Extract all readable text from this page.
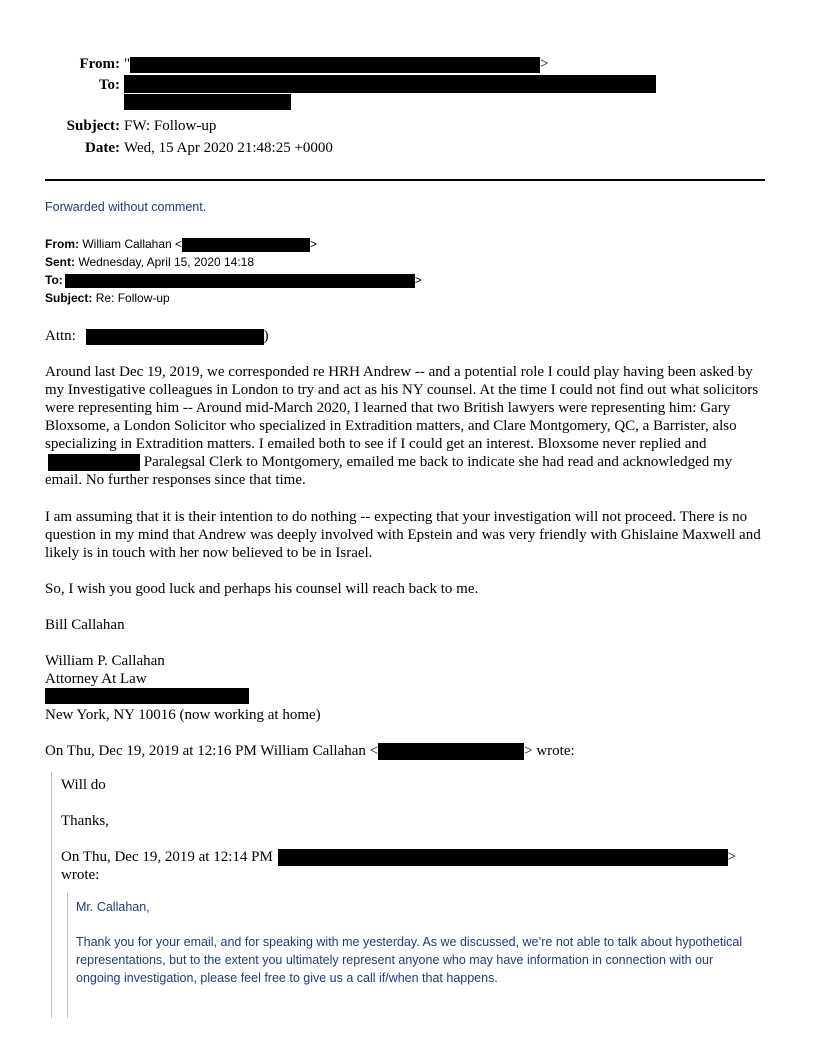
From: "	>
To:
Subject: FW: Follow-up
Date: Wed, 15 Apr 2020 21:48:25 +0000
Forwarded without comment.
From: William Callahan <	>
Sent: Wednesday, April 15, 2020 14:18
To:	>
Subject: Re: Follow-up
Attn:	)
Around last Dec 19, 2019, we corresponded re HRH Andrew -- and a potential role I could play having been asked by my Investigative colleagues in London to try and act as his NY counsel. At the time I could not find out what solicitors were representing him -- Around mid-March 2020, I learned that two British lawyers were representing him: Gary Bloxsome, a London Solicitor who specialized in Extradition matters, and Clare Montgomery, QC, a Barrister, also specializing in Extradition matters. I emailed both to see if I could get an interest. Bloxsome never replied and Paralegsal Clerk to Montgomery, emailed me back to indicate she had read and acknowledged my email. No further responses since that time.
I am assuming that it is their intention to do nothing -- expecting that your investigation will not proceed. There is no question in my mind that Andrew was deeply involved with Epstein and was very friendly with Ghislaine Maxwell and likely is in touch with her now believed to be in Israel.
So, I wish you good luck and perhaps his counsel will reach back to me.
Bill Callahan
William P. Callahan
Attorney At Law
New York, NY 10016 (now working at home)
On Thu, Dec 19, 2019 at 12:16 PM William Callahan <	> wrote:
Will do
Thanks,
On Thu, Dec 19, 2019 at 12:14 PM	>
wrote:
Mr. Callahan,
Thank you for your email, and for speaking with me yesterday. As we discussed, we’re not able to talk about hypothetical representations, but to the extent you ultimately represent anyone who may have information in connection with our ongoing investigation, please feel free to give us a call if/when that happens.
